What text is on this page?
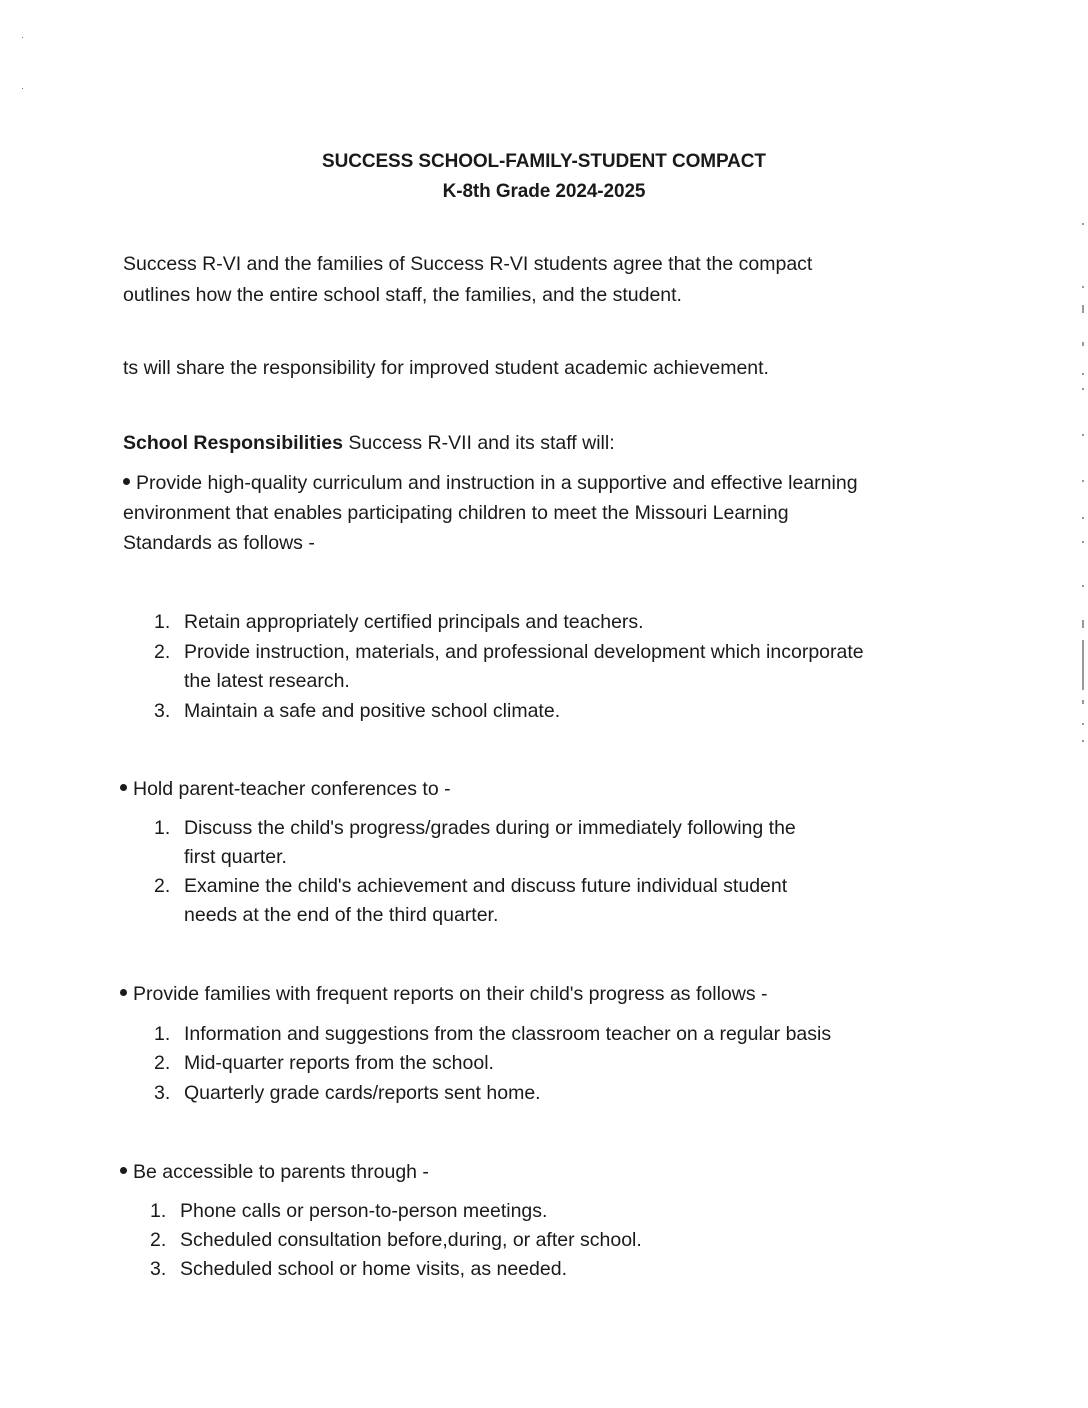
SUCCESS SCHOOL-FAMILY-STUDENT COMPACT
K-8th Grade 2024-2025
Success R-VI and the families of Success R-VI students agree that the compact
outlines how the entire school staff, the families, and the student.
ts will share the responsibility for improved student academic achievement.
School Responsibilities Success R-VII and its staff will:
Provide high-quality curriculum and instruction in a supportive and effective learning
environment that enables participating children to meet the Missouri Learning
Standards as follows -
1. Retain appropriately certified principals and teachers.
2. Provide instruction, materials, and professional development which incorporate
the latest research.
3. Maintain a safe and positive school climate.
Hold parent-teacher conferences to -
1. Discuss the child's progress/grades during or immediately following the
first quarter.
2. Examine the child's achievement and discuss future individual student
needs at the end of the third quarter.
Provide families with frequent reports on their child's progress as follows -
1. Information and suggestions from the classroom teacher on a regular basis
2. Mid-quarter reports from the school.
3. Quarterly grade cards/reports sent home.
Be accessible to parents through -
1. Phone calls or person-to-person meetings.
2. Scheduled consultation before,during, or after school.
3. Scheduled school or home visits, as needed.
